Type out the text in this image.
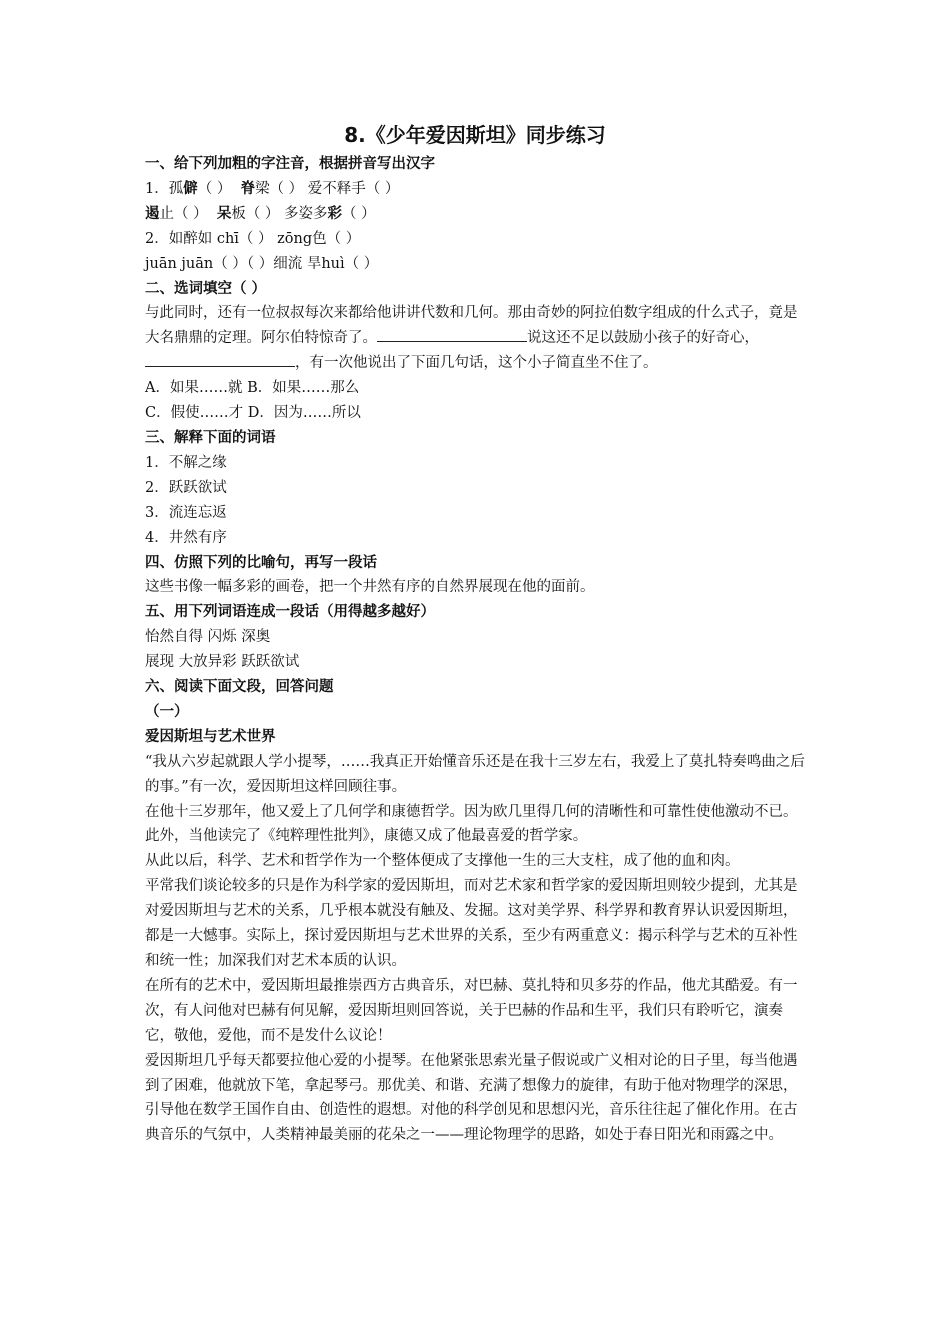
8.《少年爱因斯坦》同步练习
一、给下列加粗的字注音，根据拼音写出汉字
1．孤僻（ ） 脊梁（ ） 爱不释手（ ）
遏止（ ）  呆板（ ） 多姿多彩（ ）
2．如醉如 chī（ ） zōng色（ ）
juān juān（ ）（ ）细流 旱huì（ ）
二、选词填空（ ）
与此同时，还有一位叔叔每次来都给他讲讲代数和几何。那由奇妙的阿拉伯数字组成的什么式子，竟是大名鼎鼎的定理。阿尔伯特惊奇了。	说这还不足以鼓励小孩子的好奇心，，有一次他说出了下面几句话，这个小子简直坐不住了。
A．如果……就 B．如果……那么
C．假使……才 D．因为……所以
三、解释下面的词语
1．不解之缘
2．跃跃欲试
3．流连忘返
4．井然有序
四、仿照下列的比喻句，再写一段话
这些书像一幅多彩的画卷，把一个井然有序的自然界展现在他的面前。
五、用下列词语连成一段话（用得越多越好）
怡然自得 闪烁 深奥
展现 大放异彩 跃跃欲试
六、阅读下面文段，回答问题
（一）
爱因斯坦与艺术世界
“我从六岁起就跟人学小提琴，……我真正开始懂音乐还是在我十三岁左右，我爱上了莫扎特奏鸣曲之后的事。”有一次，爱因斯坦这样回顾往事。
在他十三岁那年，他又爱上了几何学和康德哲学。因为欧几里得几何的清晰性和可靠性使他激动不已。此外，当他读完了《纯粹理性批判》，康德又成了他最喜爱的哲学家。
从此以后，科学、艺术和哲学作为一个整体便成了支撑他一生的三大支柱，成了他的血和肉。
平常我们谈论较多的只是作为科学家的爱因斯坦，而对艺术家和哲学家的爱因斯坦则较少提到，尤其是对爱因斯坦与艺术的关系，几乎根本就没有触及、发掘。这对美学界、科学界和教育界认识爱因斯坦，都是一大憾事。实际上，探讨爱因斯坦与艺术世界的关系，至少有两重意义：揭示科学与艺术的互补性和统一性；加深我们对艺术本质的认识。
在所有的艺术中，爱因斯坦最推崇西方古典音乐，对巴赫、莫扎特和贝多芬的作品，他尤其酷爱。有一次，有人问他对巴赫有何见解，爱因斯坦则回答说，关于巴赫的作品和生平，我们只有聆听它，演奏它，敬他，爱他，而不是发什么议论！
爱因斯坦几乎每天都要拉他心爱的小提琴。在他紧张思索光量子假说或广义相对论的日子里，每当他遇到了困难，他就放下笔，拿起琴弓。那优美、和谐、充满了想像力的旋律，有助于他对物理学的深思，引导他在数学王国作自由、创造性的遐想。对他的科学创见和思想闪光，音乐往往起了催化作用。在古典音乐的气氛中，人类精神最美丽的花朵之一——理论物理学的思路，如处于春日阳光和雨露之中。
